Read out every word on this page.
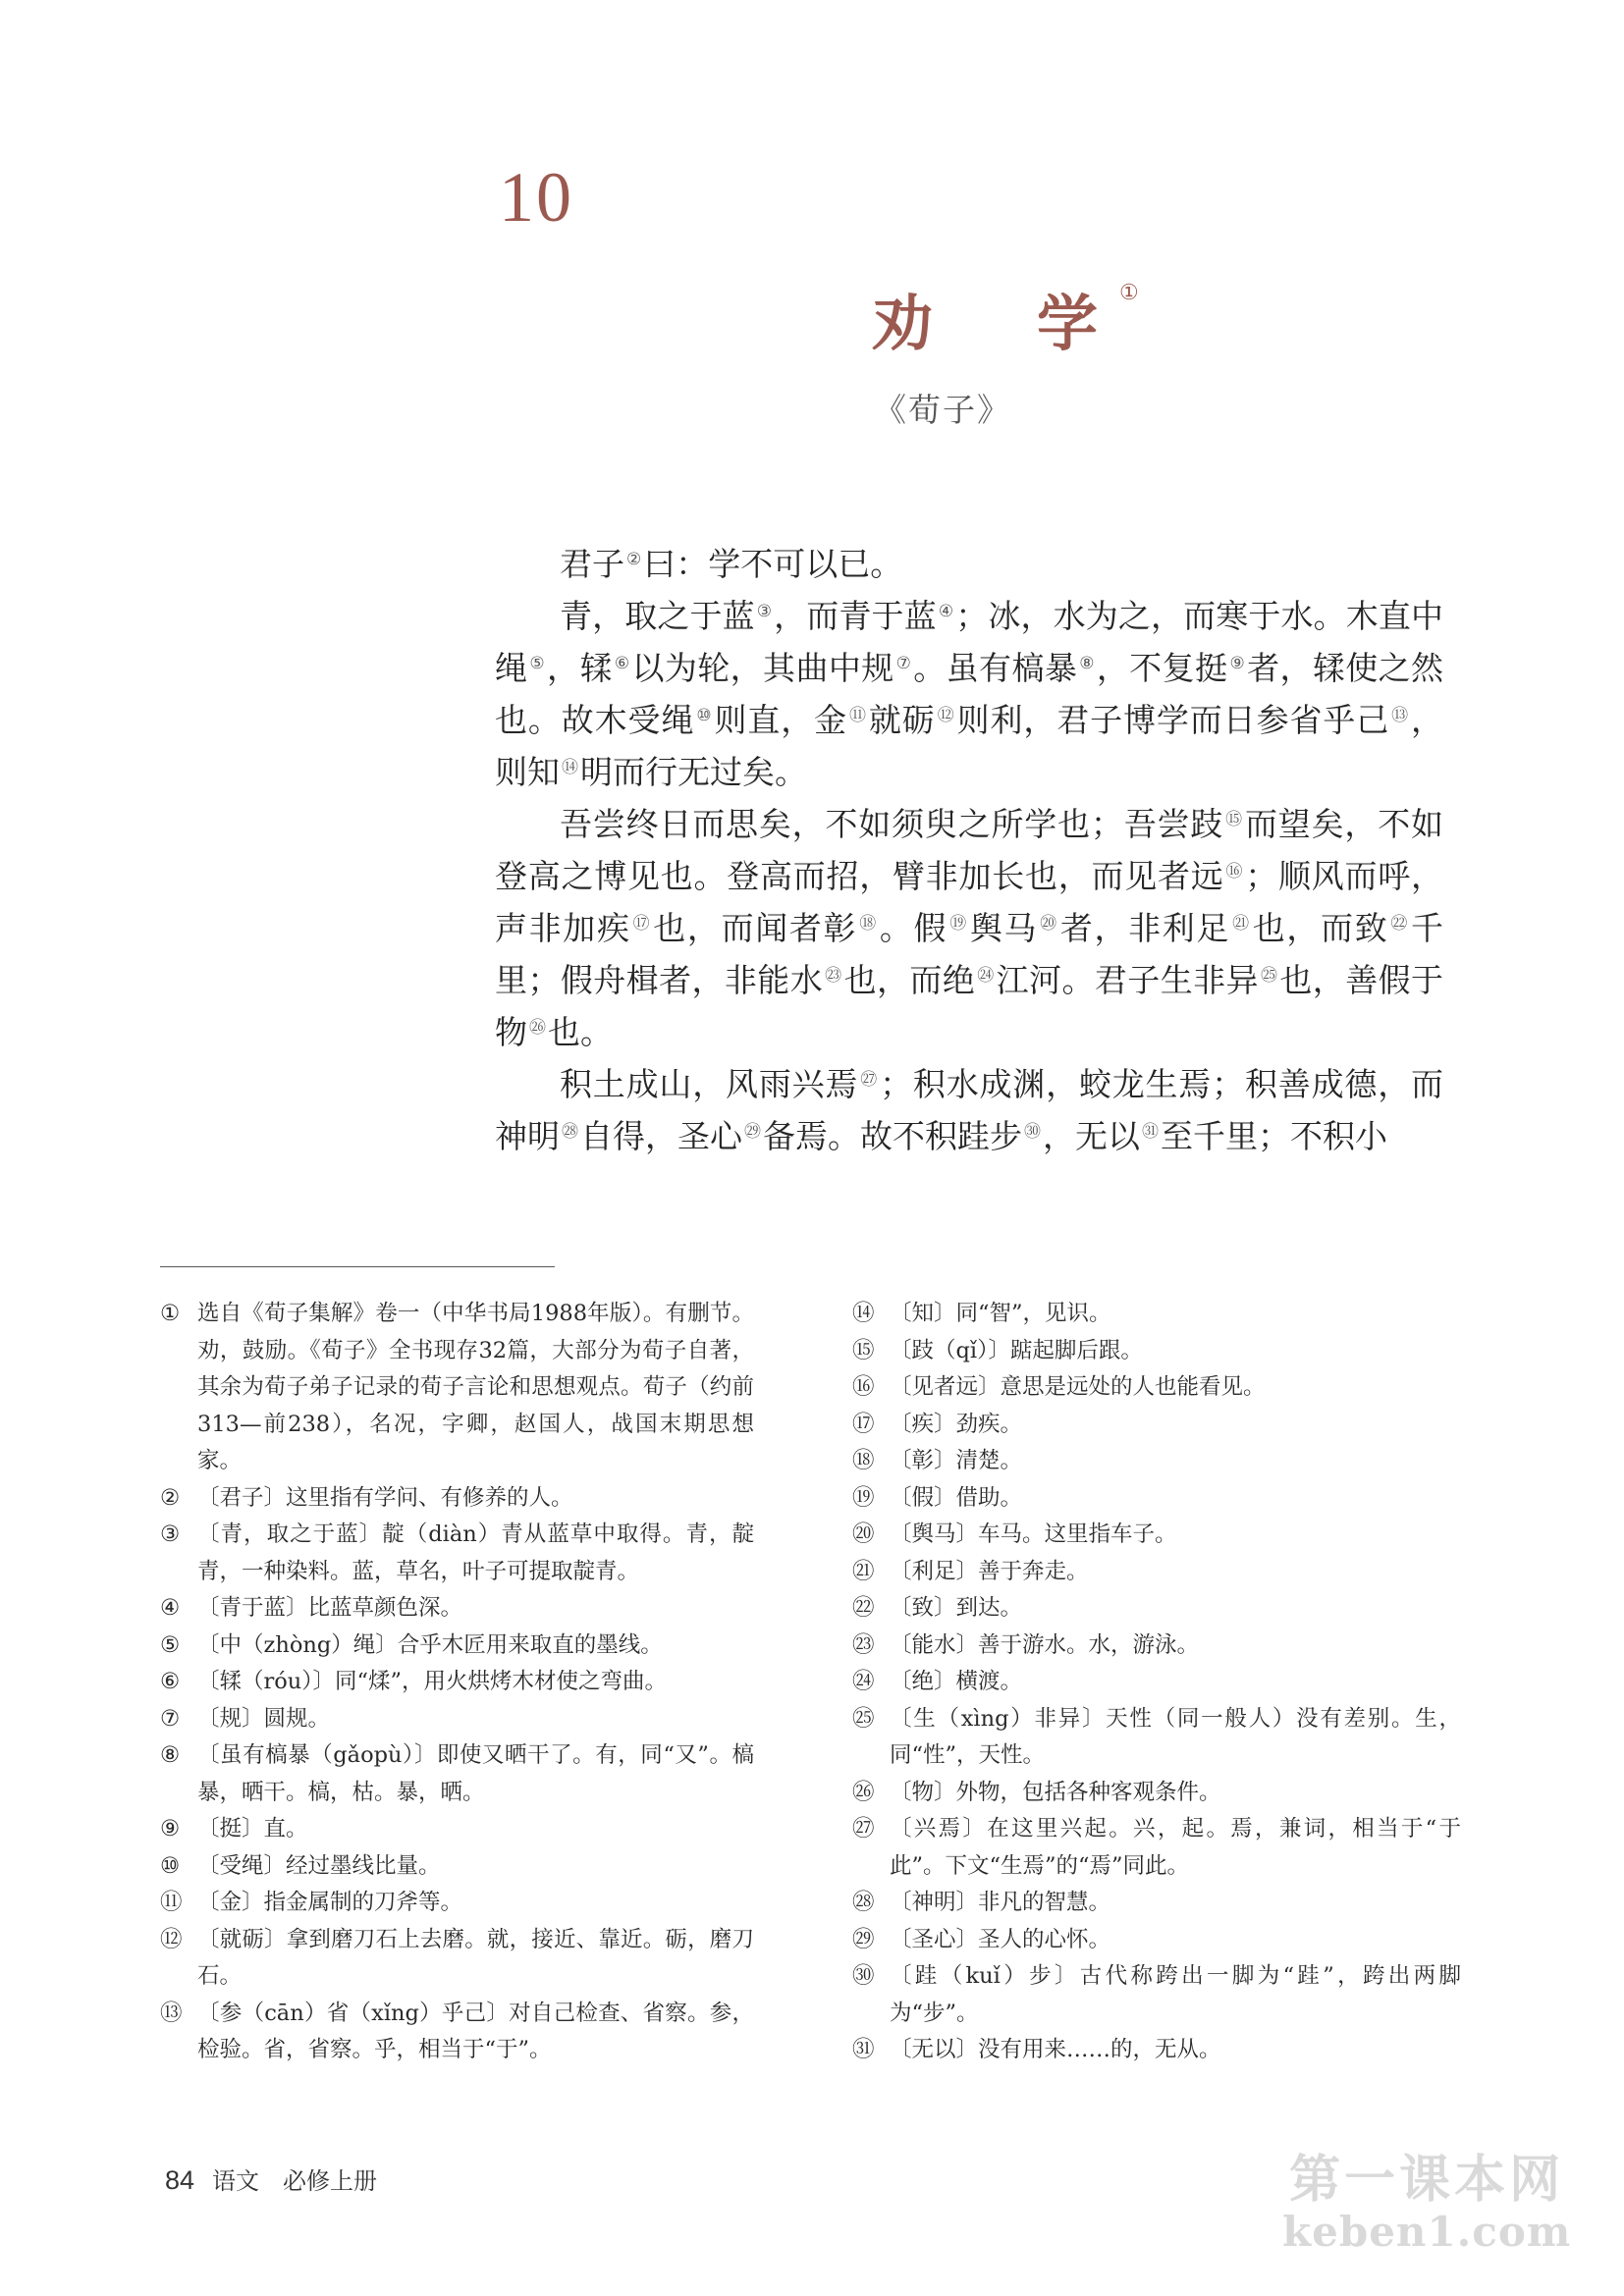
10
劝　学①
《荀子》

君子 ②曰：学不可以已。

青，取之于蓝 ③，而青于蓝 ④；冰，水为之，而寒于水。木直中绳 ⑤，𫐓 ⑥以为轮，其曲中规 ⑦。虽有槁暴 ⑧，不复挺 ⑨者，𫐓使之然也。故木受绳 ⑩则直，金 ⑪就砺 ⑫则利，君子博学而日参省乎己 ⑬，则知 ⑭明而行无过矣。

吾尝终日而思矣，不如须臾之所学也；吾尝跂 ⑮而望矣，不如登高之博见也。登高而招，臂非加长也，而见者远 ⑯；顺风而呼，声非加疾 ⑰也，而闻者彰 ⑱。假 ⑲舆马 ⑳者，非利足 $^㉑$也，而致 $^㉒$千里；假舟楫者，非能水 $^㉓$也，而绝 $^㉔$江河。君子生非异 $^㉕$也，善假于物 $^㉖$也。

积土成山，风雨兴焉 $^㉗$；积水成渊，蛟龙生焉；积善成德，而神明 $^㉘$自得，圣心 $^㉙$备焉。故不积跬步 $^㉚$，无以 $^㉛$至千里；不积小

① 选自《荀子集解》卷一（中华书局1988年版）。有删节。劝，鼓励。《荀子》全书现存32篇，大部分为荀子自著，其余为荀子弟子记录的荀子言论和思想观点。荀子（约前313—前238），名况，字卿，赵国人，战国末期思想家。
② 〔君子〕这里指有学问、有修养的人。
③ 〔青，取之于蓝〕靛（diàn）青从蓝草中取得。青，靛青，一种染料。蓝，草名，叶子可提取靛青。
④ 〔青于蓝〕比蓝草颜色深。
⑤ 〔中（zhòng）绳〕合乎木匠用来取直的墨线。
⑥ 〔𫐓（róu）〕同“煣”，用火烘烤木材使之弯曲。
⑦ 〔规〕圆规。
⑧ 〔虽有槁暴（gǎopù）〕即使又晒干了。有，同“又”。槁暴，晒干。槁，枯。暴，晒。
⑨ 〔挺〕直。
⑩ 〔受绳〕经过墨线比量。
⑪ 〔金〕指金属制的刀斧等。
⑫ 〔就砺〕拿到磨刀石上去磨。就，接近、靠近。砺，磨刀石。
⑬ 〔参（cān）省（xǐng）乎己〕对自己检查、省察。参，检验。省，省察。乎，相当于“于”。
⑭ 〔知〕同“智”，见识。
⑮ 〔跂（qǐ）〕踮起脚后跟。
⑯ 〔见者远〕意思是远处的人也能看见。
⑰ 〔疾〕劲疾。
⑱ 〔彰〕清楚。
⑲ 〔假〕借助。
⑳ 〔舆马〕车马。这里指车子。
㉑ 〔利足〕善于奔走。
㉒ 〔致〕到达。
㉓ 〔能水〕善于游水。水，游泳。
㉔ 〔绝〕横渡。
㉕ 〔生（xìng）非异〕天性（同一般人）没有差别。生，同“性”，天性。
㉖ 〔物〕外物，包括各种客观条件。
㉗ 〔兴焉〕在这里兴起。兴，起。焉，兼词，相当于“于此”。下文“生焉”的“焉”同此。
㉘ 〔神明〕非凡的智慧。
㉙ 〔圣心〕圣人的心怀。
㉚ 〔跬（kuǐ）步〕古代称跨出一脚为“跬”，跨出两脚为“步”。
㉛ 〔无以〕没有用来……的，无从。
84 语文　必修上册	第一课本网
keben1.com
